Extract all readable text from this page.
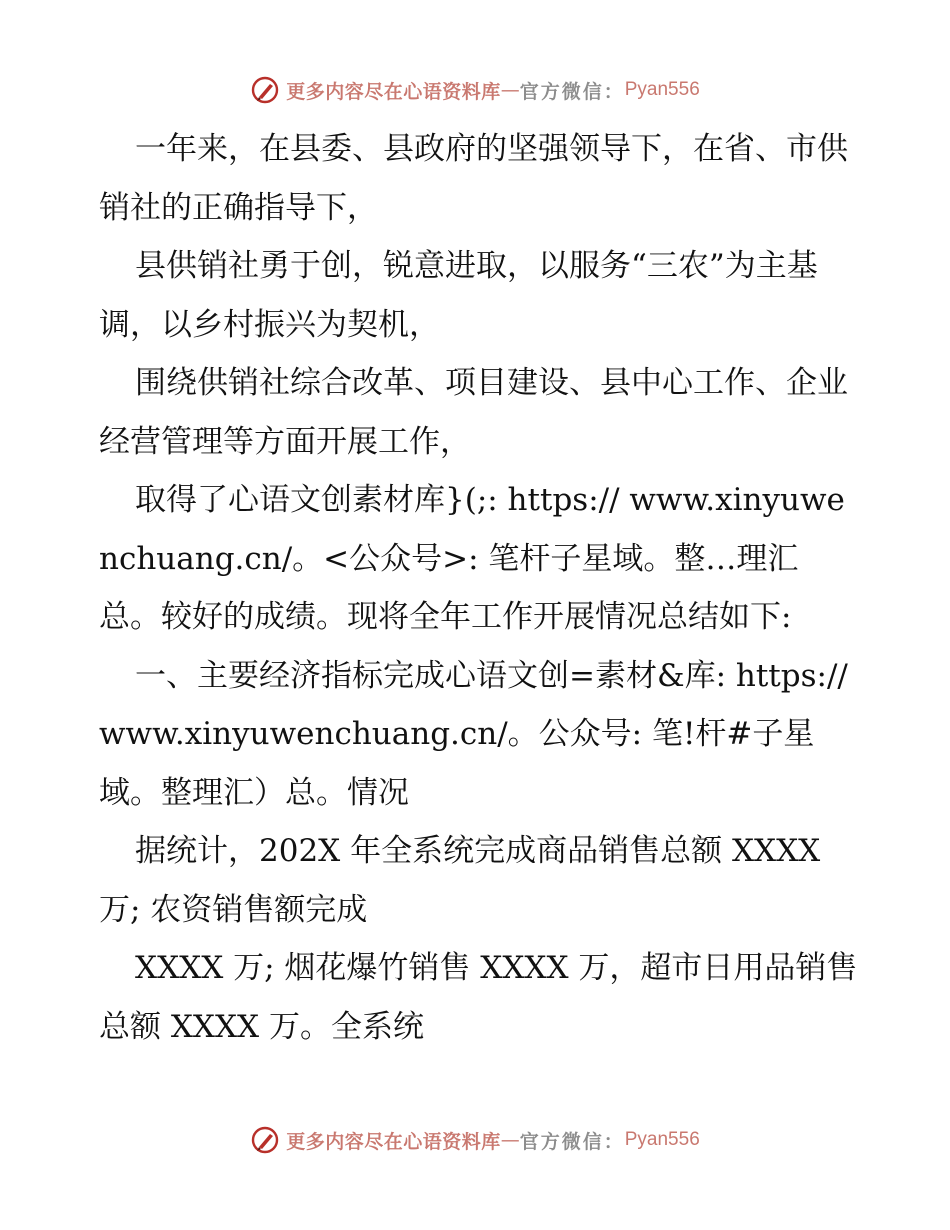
更多内容尽在心语资料库 — 官方微信： Pyan556

一年来，在县委、县政府的坚强领导下，在省、市供销社的正确指导下，

县供销社勇于创，锐意进取，以服务“三农”为主基调，以乡村振兴为契机，

围绕供销社综合改革、项目建设、县中心工作、企业经营管理等方面开展工作，

取得了心语文创素材库}(;: https:// www.xinyuwenchuang.cn/。<公众号>: 笔杆子星域。整…理汇总。较好的成绩。现将全年工作开展情况总结如下:

一、主要经济指标完成心语文创=素材&库: https://www.xinyuwenchuang.cn/。公众号: 笔!杆#子星域。整理汇）总。情况

据统计，202X 年全系统完成商品销售总额 XXXX 万; 农资销售额完成

XXXX 万; 烟花爆竹销售 XXXX 万，超市日用品销售总额 XXXX 万。全系统

更多内容尽在心语资料库 — 官方微信： Pyan556
